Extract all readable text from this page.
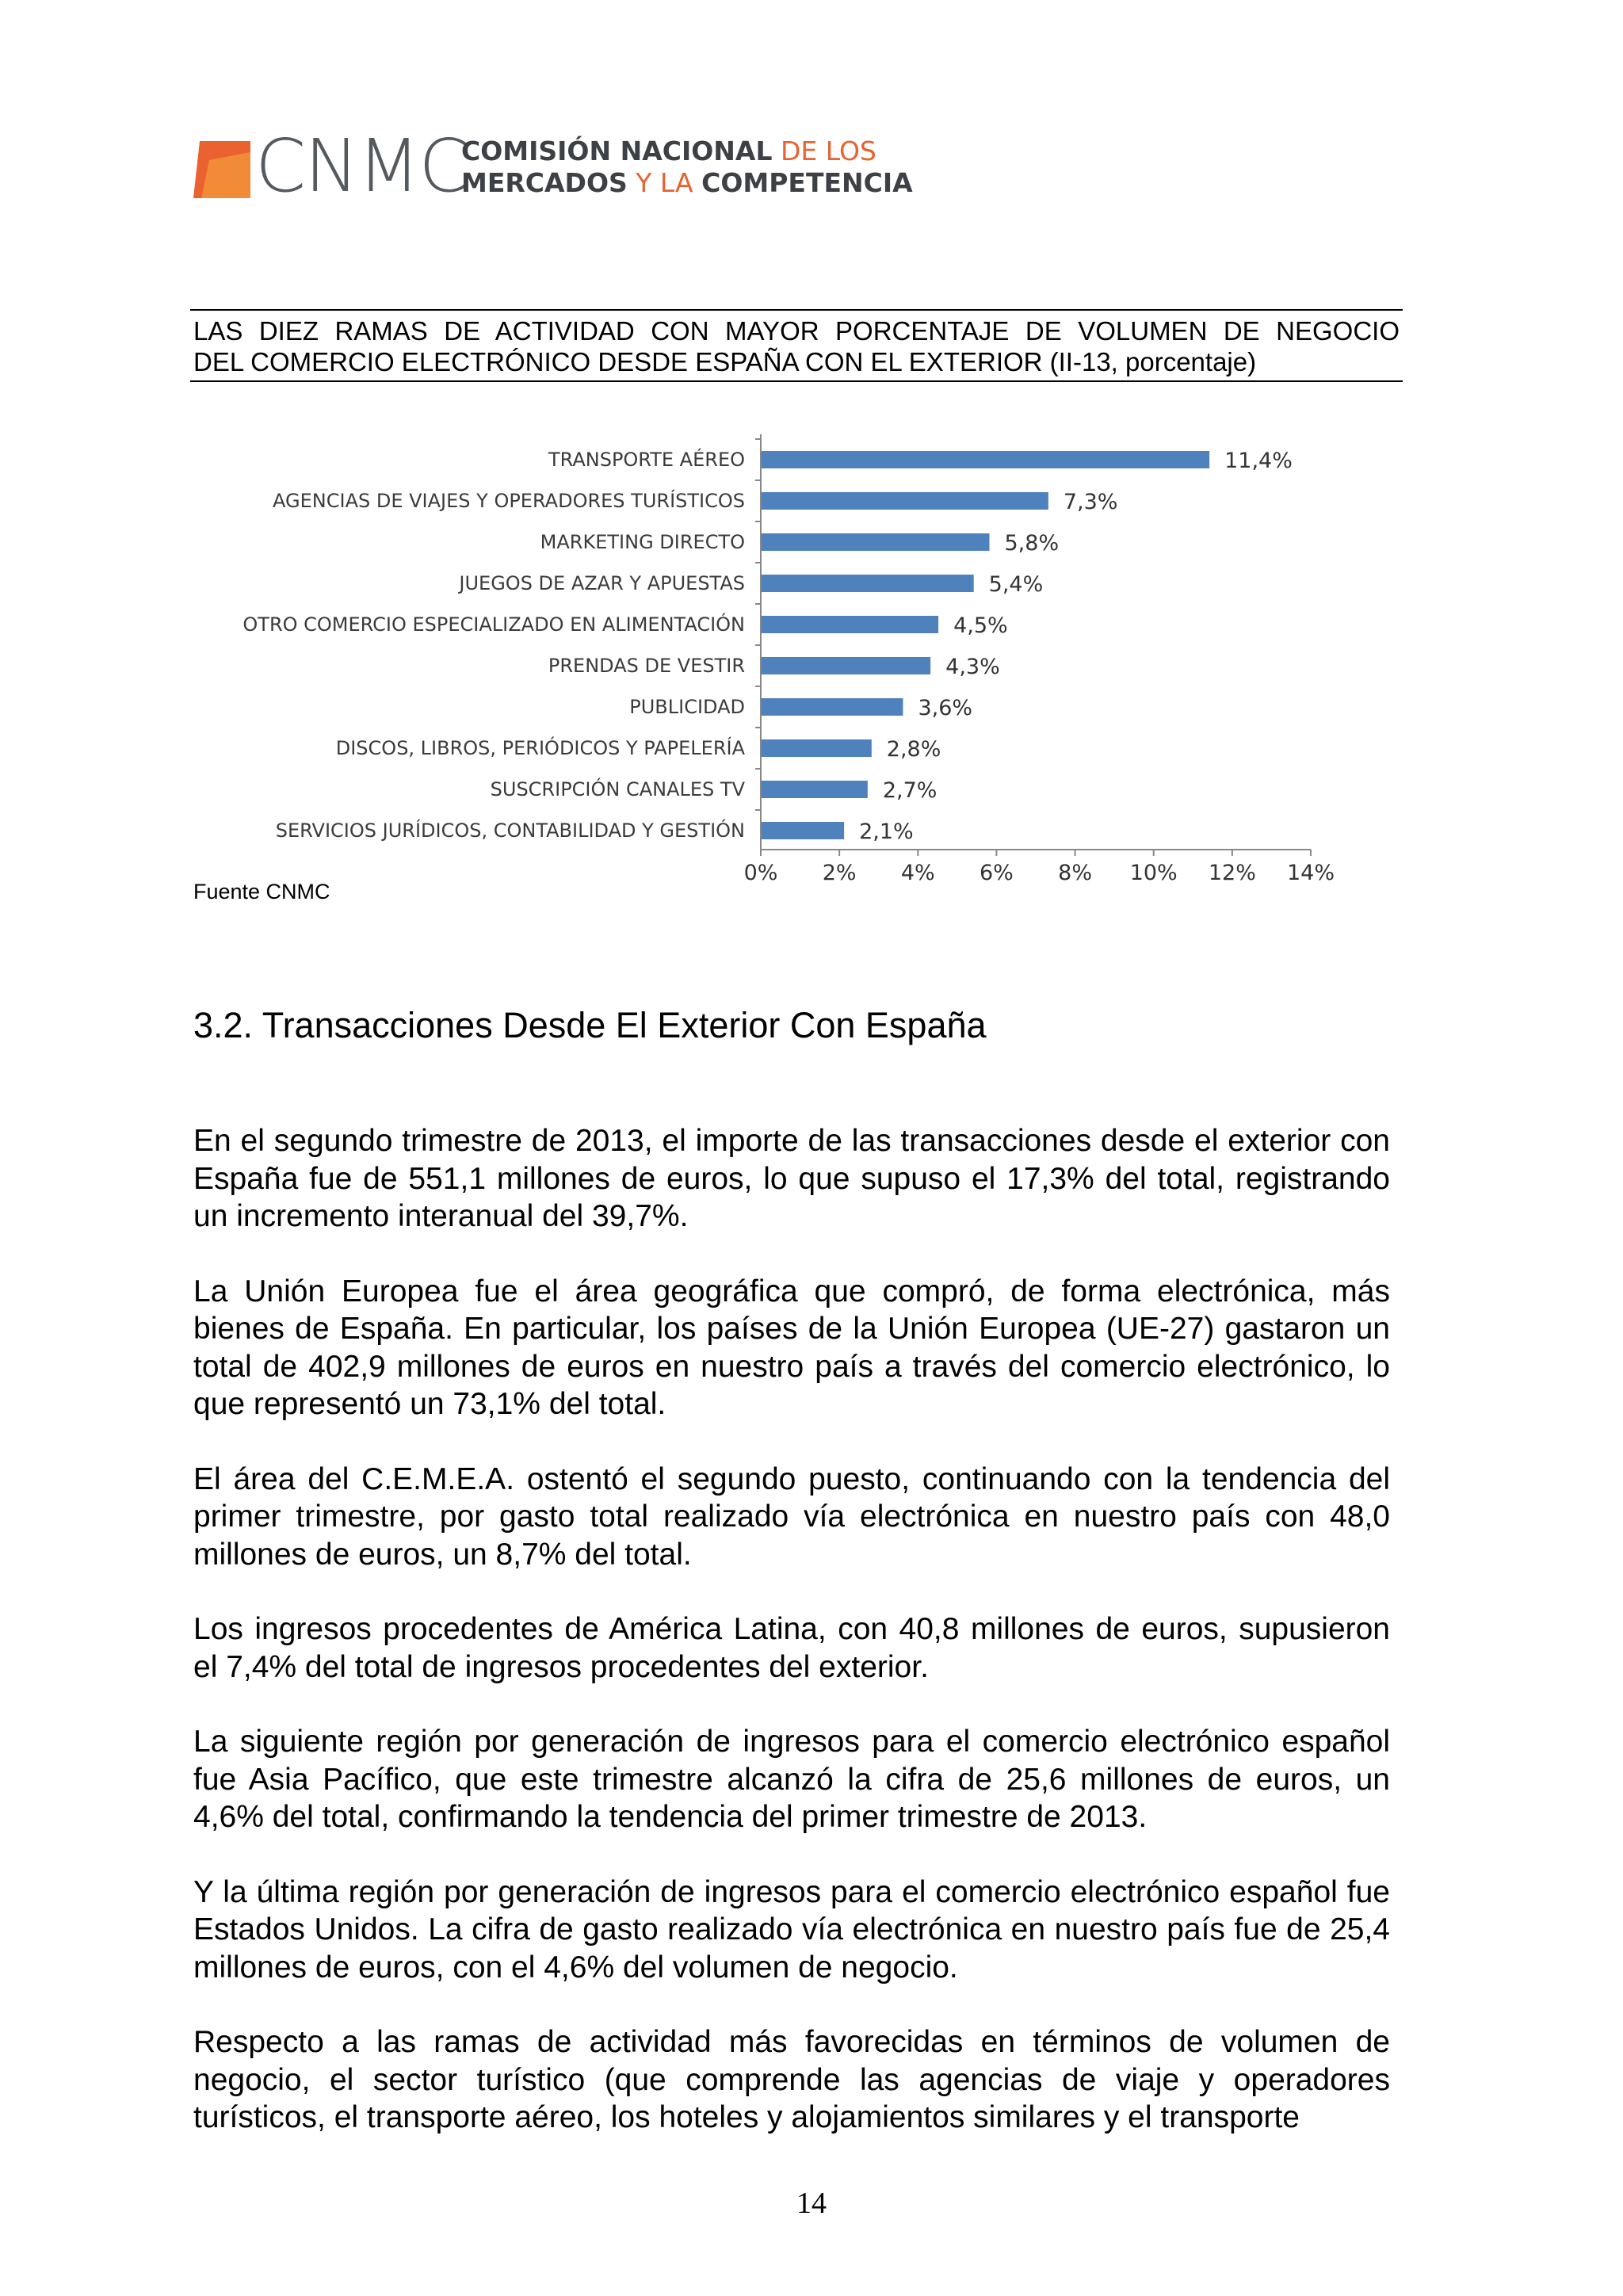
CNMC
COMISIÓN NACIONAL DE LOS
MERCADOS Y LA COMPETENCIA
LAS DIEZ RAMAS DE ACTIVIDAD CON MAYOR PORCENTAJE DE VOLUMEN DE NEGOCIO
DEL COMERCIO ELECTRÓNICO DESDE ESPAÑA CON EL EXTERIOR (II-13, porcentaje)
TRANSPORTE AÉREO	11,4%
AGENCIAS DE VIAJES Y OPERADORES TURÍSTICOS	7,3%
MARKETING DIRECTO	5,8%
JUEGOS DE AZAR Y APUESTAS	5,4%
OTRO COMERCIO ESPECIALIZADO EN ALIMENTACIÓN	4,5%
PRENDAS DE VESTIR	4,3%
PUBLICIDAD	3,6%
DISCOS, LIBROS, PERIÓDICOS Y PAPELERÍA	2,8%
SUSCRIPCIÓN CANALES TV	2,7%
SERVICIOS JURÍDICOS, CONTABILIDAD Y GESTIÓN	2,1%
0% 2% 4% 6% 8% 10% 12% 14%
Fuente CNMC
3.2. Transacciones Desde El Exterior Con España

En el segundo trimestre de 2013, el importe de las transacciones desde el exterior con España fue de 551,1 millones de euros, lo que supuso el 17,3% del total, registrando un incremento interanual del 39,7%.

La Unión Europea fue el área geográfica que compró, de forma electrónica, más bienes de España. En particular, los países de la Unión Europea (UE-27) gastaron un total de 402,9 millones de euros en nuestro país a través del comercio electrónico, lo que representó un 73,1% del total.

El área del C.E.M.E.A. ostentó el segundo puesto, continuando con la tendencia del primer trimestre, por gasto total realizado vía electrónica en nuestro país con 48,0 millones de euros, un 8,7% del total.

Los ingresos procedentes de América Latina, con 40,8 millones de euros, supusieron el 7,4% del total de ingresos procedentes del exterior.

La siguiente región por generación de ingresos para el comercio electrónico español fue Asia Pacífico, que este trimestre alcanzó la cifra de 25,6 millones de euros, un 4,6% del total, confirmando la tendencia del primer trimestre de 2013.

Y la última región por generación de ingresos para el comercio electrónico español fue Estados Unidos. La cifra de gasto realizado vía electrónica en nuestro país fue de 25,4 millones de euros, con el 4,6% del volumen de negocio.

Respecto a las ramas de actividad más favorecidas en términos de volumen de negocio, el sector turístico (que comprende las agencias de viaje y operadores turísticos, el transporte aéreo, los hoteles y alojamientos similares y el transporte

14
